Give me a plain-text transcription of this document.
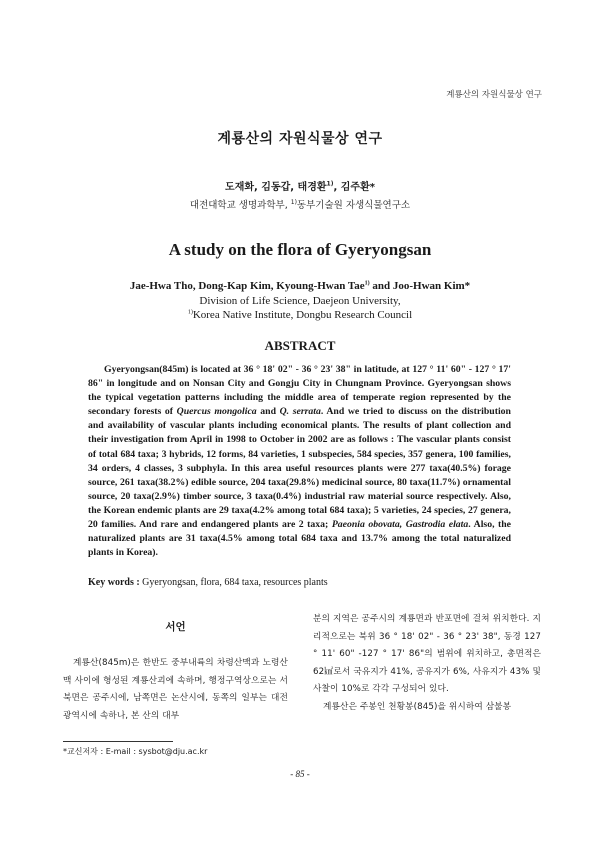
계룡산의 자원식물상 연구
계룡산의 자원식물상 연구
도재화, 김동갑, 태경환$^{1)}$, 김주환*
대전대학교 생명과학부, $^{1)}$동부기술원 자생식물연구소
A study on the flora of Gyeryongsan
Jae-Hwa Tho, Dong-Kap Kim, Kyoung-Hwan Tae$^{1)}$ and Joo-Hwan Kim*
Division of Life Science, Daejeon University,
$^{1)}$Korea Native Institute, Dongbu Research Council
ABSTRACT

Gyeryongsan(845m) is located at 36 ° 18' 02" - 36 ° 23' 38" in latitude, at 127 ° 11' 60" - 127 ° 17' 86" in longitude and on Nonsan City and Gongju City in Chungnam Province. Gyeryongsan shows the typical vegetation patterns including the middle area of temperate region represented by the secondary forests of Quercus mongolica and Q. serrata. And we tried to discuss on the distribution and availability of vascular plants including economical plants. The results of plant collection and their investigation from April in 1998 to October in 2002 are as follows : The vascular plants consist of total 684 taxa; 3 hybrids, 12 forms, 84 varieties, 1 subspecies, 584 species, 357 genera, 100 families, 34 orders, 4 classes, 3 subphyla. In this area useful resources plants were 277 taxa(40.5%) forage source, 261 taxa(38.2%) edible source, 204 taxa(29.8%) medicinal source, 80 taxa(11.7%) ornamental source, 20 taxa(2.9%) timber source, 3 taxa(0.4%) industrial raw material source respectively. Also, the Korean endemic plants are 29 taxa(4.2% among total 684 taxa); 5 varieties, 24 species, 27 genera, 20 families. And rare and endangered plants are 2 taxa; Paeonia obovata, Gastrodia elata. Also, the naturalized plants are 31 taxa(4.5% among total 684 taxa and 13.7% among the total naturalized plants in Korea).

Key words : Gyeryongsan, flora, 684 taxa, resources plants
서언

계룡산(845m)은 한반도 중부내륙의 차령산맥과 노령산맥 사이에 형성된 계룡산괴에 속하며, 행정구역상으로는 서북면은 공주시에, 남쪽면은 논산시에, 동쪽의 일부는 대전광역시에 속하나, 본 산의 대부

분의 지역은 공주시의 계룡면과 반포면에 걸쳐 위치한다. 지리적으로는 북위 36 ° 18' 02" - 36 ° 23' 38", 동경 127 ° 11' 60" -127 ° 17' 86"의 범위에 위치하고, 총면적은 62㎢로서 국유지가 41%, 공유지가 6%, 사유지가 43% 및 사찰이 10%로 각각 구성되어 있다.

계룡산은 주봉인 천황봉(845)을 위시하여 삼불봉

*교신저자 : E-mail : sysbot@dju.ac.kr
- 85 -
